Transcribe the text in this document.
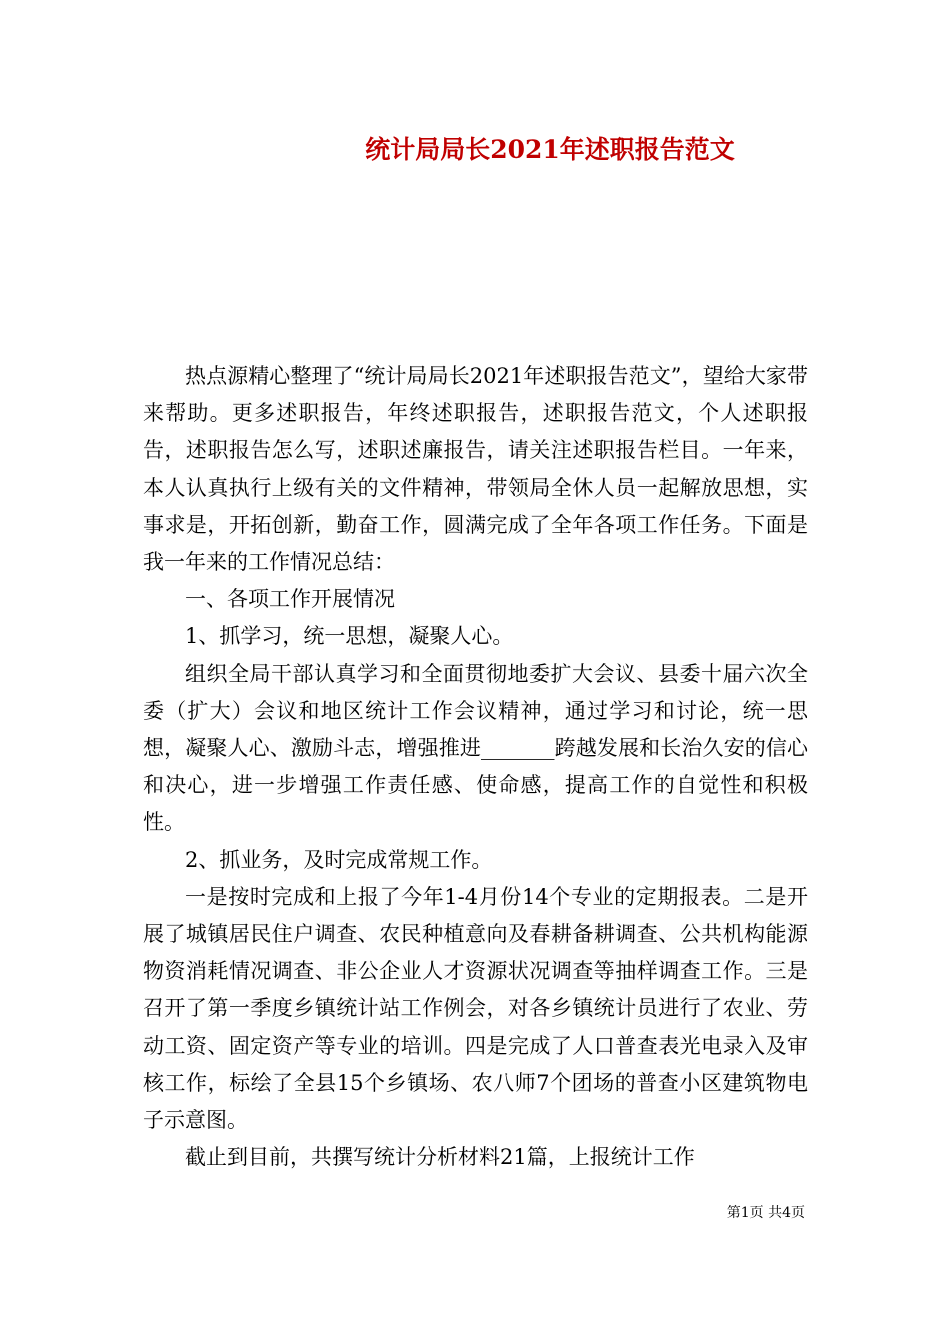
统计局局长2021年述职报告范文

热点源精心整理了“统计局局长2021年述职报告范文”，望给大家带来帮助。更多述职报告，年终述职报告，述职报告范文，个人述职报告，述职报告怎么写，述职述廉报告，请关注述职报告栏目。一年来，本人认真执行上级有关的文件精神，带领局全休人员一起解放思想，实事求是，开拓创新，勤奋工作，圆满完成了全年各项工作任务。下面是我一年来的工作情况总结：

一、各项工作开展情况

1、抓学习，统一思想，凝聚人心。

组织全局干部认真学习和全面贯彻地委扩大会议、县委十届六次全委（扩大）会议和地区统计工作会议精神，通过学习和讨论，统一思想，凝聚人心、激励斗志，增强推进_______跨越发展和长治久安的信心和决心，进一步增强工作责任感、使命感，提高工作的自觉性和积极性。

2、抓业务，及时完成常规工作。

一是按时完成和上报了今年1-4月份14个专业的定期报表。二是开展了城镇居民住户调查、农民种植意向及春耕备耕调查、公共机构能源物资消耗情况调查、非公企业人才资源状况调查等抽样调查工作。三是召开了第一季度乡镇统计站工作例会，对各乡镇统计员进行了农业、劳动工资、固定资产等专业的培训。四是完成了人口普查表光电录入及审核工作，标绘了全县15个乡镇场、农八师7个团场的普查小区建筑物电子示意图。

截止到目前，共撰写统计分析材料21篇，上报统计工作

第1页 共4页
